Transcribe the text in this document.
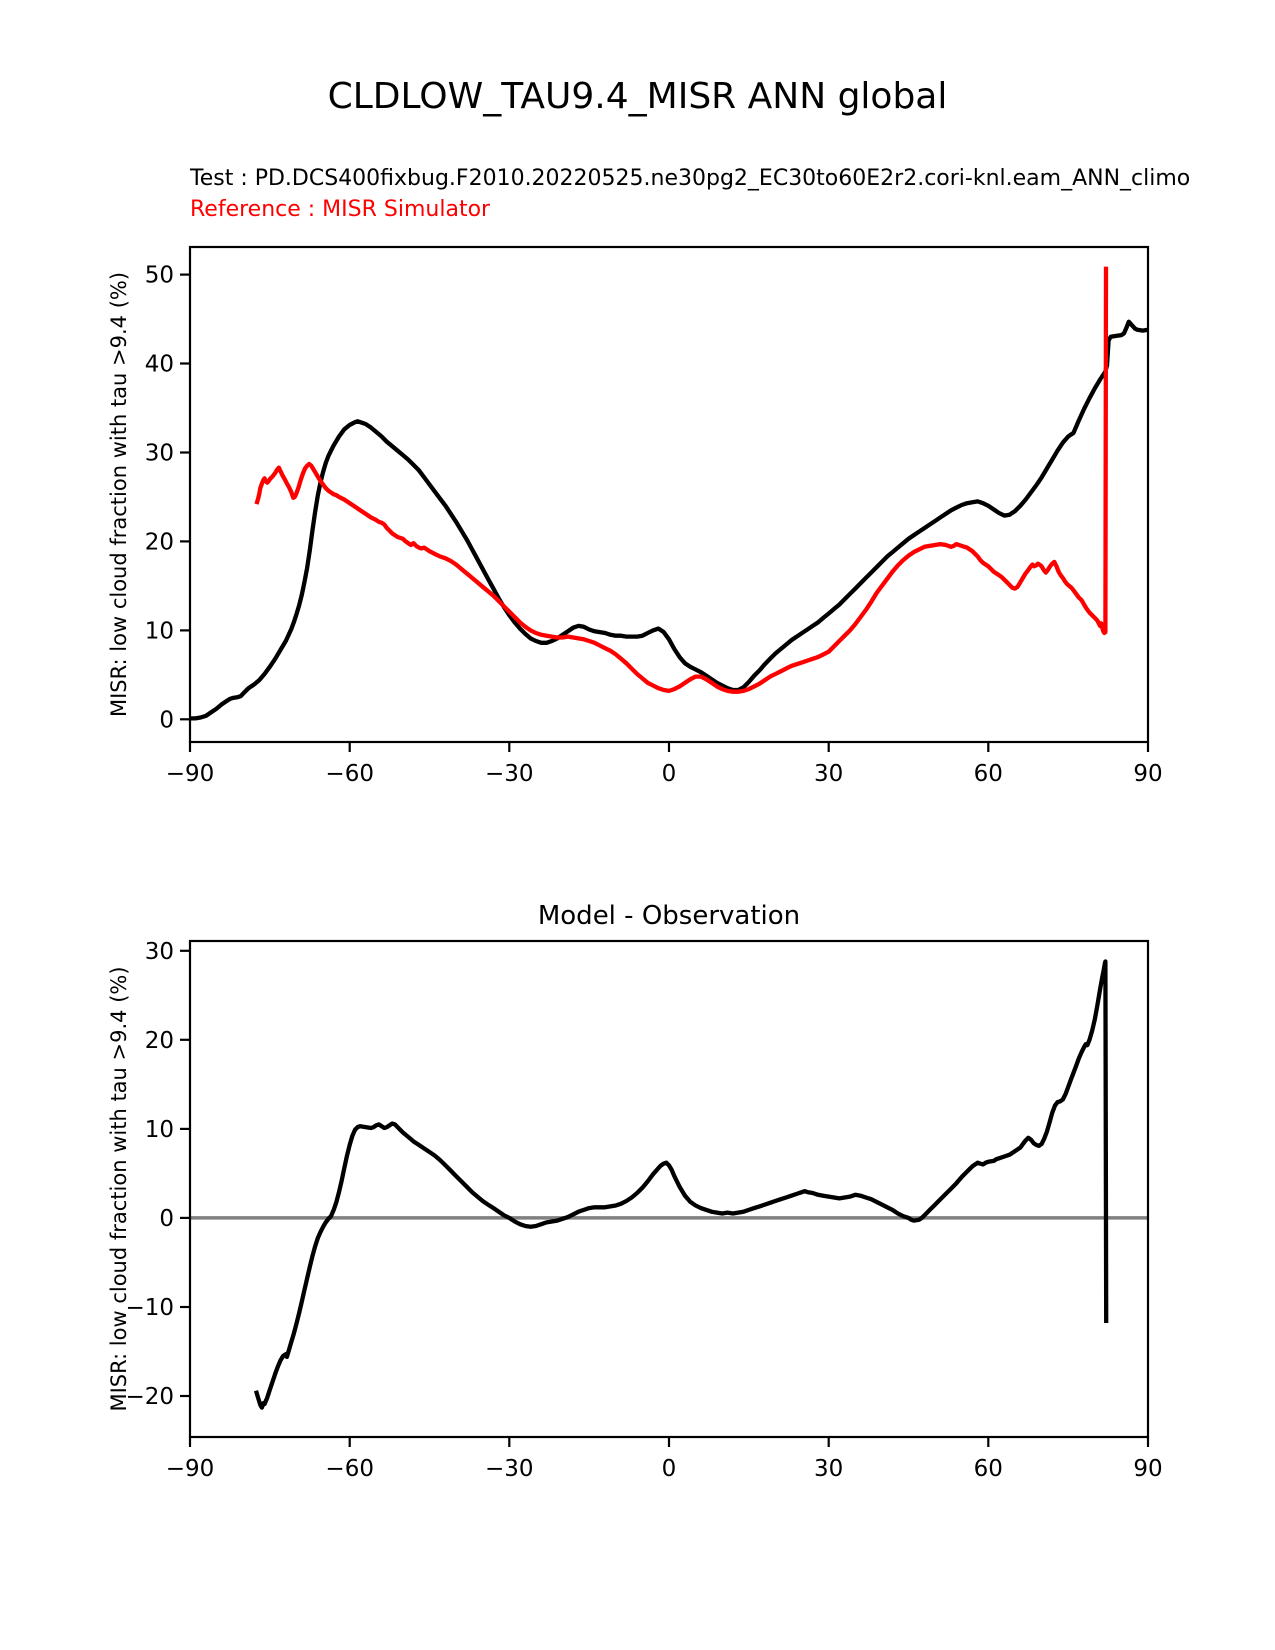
−90	−60	−30	0	30	60	90
0
10
20
30
40
50
MISR: low cloud fraction with tau >9.4 (%)
−90	−60	−30	0	30	60	90
−20
−10
0
10
20
30
MISR: low cloud fraction with tau >9.4 (%)
CLDLOW_TAU9.4_MISR ANN global
Test : PD.DCS400fixbug.F2010.20220525.ne30pg2_EC30to60E2r2.cori-knl.eam_ANN_climo
Reference : MISR Simulator
Model - Observation
